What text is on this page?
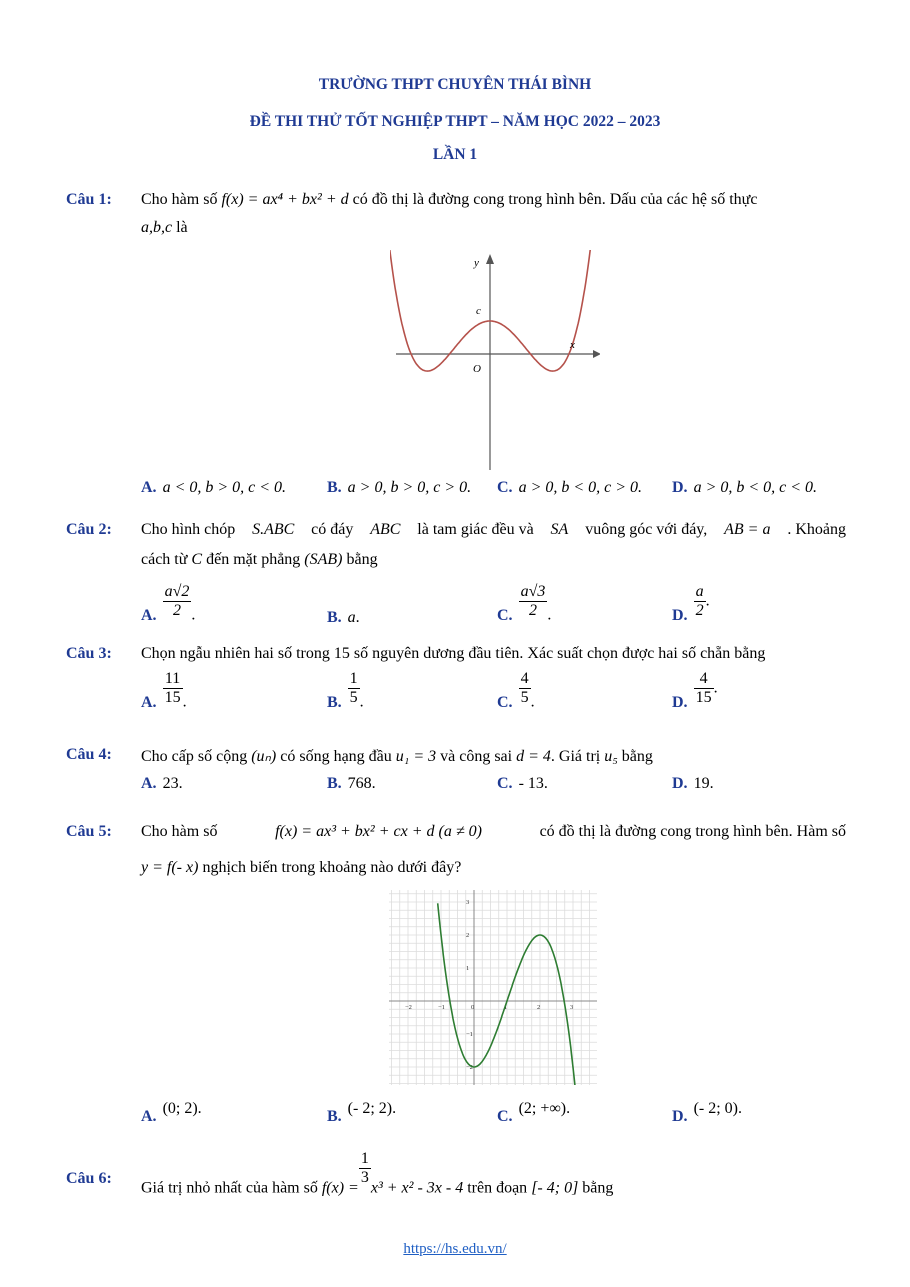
TRƯỜNG THPT CHUYÊN THÁI BÌNH
ĐỀ THI THỬ TỐT NGHIỆP THPT – NĂM HỌC 2022 – 2023
LẦN 1
Câu 1: Cho hàm số f(x) = ax⁴ + bx² + d có đồ thị là đường cong trong hình bên. Dấu của các hệ số thực
a,b,c là
y
x
c
O
A. a < 0, b > 0, c < 0.	B. a > 0, b > 0, c > 0. C. a > 0, b < 0, c > 0. D. a > 0, b < 0, c < 0.
Câu 2: Cho hình chóp S.ABC có đáy ABC là tam giác đều và SA vuông góc với đáy, AB = a . Khoảng
cách từ C đến mặt phẳng (SAB) bằng
A. $\frac{a√2}{2}$ .	B. a.	C. $\frac{a√3}{2}$ .	D. $\frac{a}{2}$ .
Câu 3: Chọn ngẫu nhiên hai số trong 15 số nguyên dương đầu tiên. Xác suất chọn được hai số chẵn bằng
A. $\frac{11}{15}$ .	B. $\frac{1}{5}$ .	C. $\frac{4}{5}$ .	D. $\frac{4}{15}$ .
Câu 4: Cho cấp số cộng (uₙ) có sống hạng đầu u₁ = 3 và công sai d = 4. Giá trị u₅ bằng
A. 23.	B. 768.	C. - 13.	D. 19.
Câu 5: Cho hàm số	f(x) = ax³ + bx² + cx + d (a ≠ 0)	có đồ thị là đường cong trong hình bên. Hàm số
y = f(- x) nghịch biến trong khoảng nào dưới đây?
−2	−1	0	1	2	3
3
2
1
−1
−2
A. (0; 2).	B. (- 2; 2).	C. (2; +∞).	D. (- 2; 0).
Câu 6:
Giá trị nhỏ nhất của hàm số f(x) =
$\frac{1}{3}$
x³ + x² - 3x - 4 trên đoạn [- 4; 0] bằng
https://hs.edu.vn/
